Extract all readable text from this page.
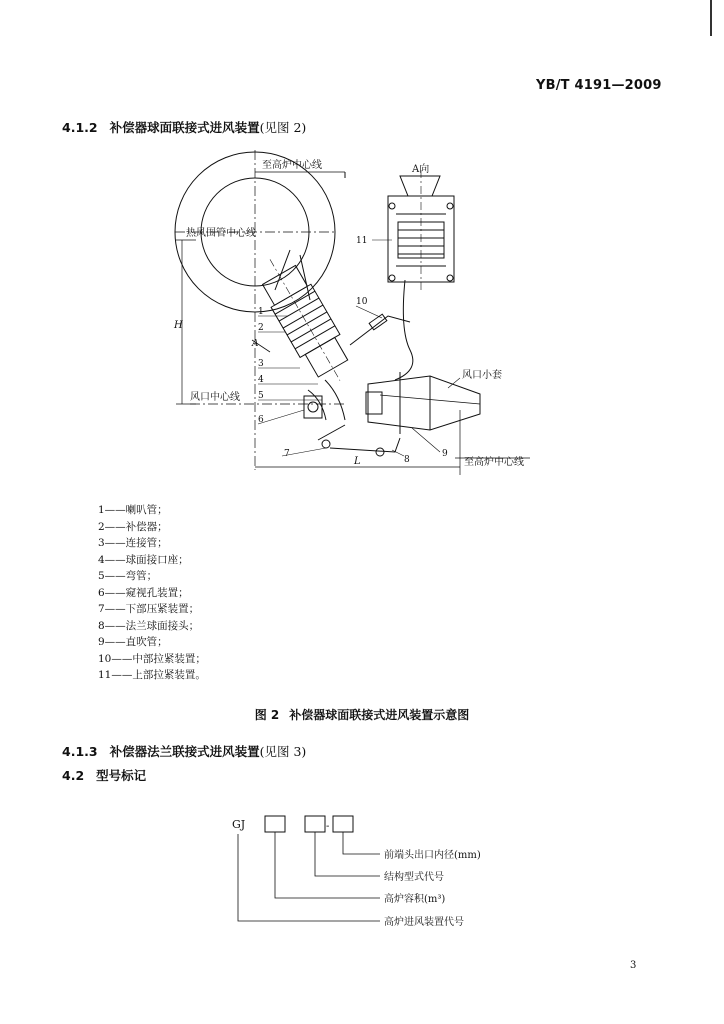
YB/T 4191—2009
4.1.2 补偿器球面联接式进风装置(见图 2)
至高炉中心线
热风围管中心线
A向
风口中心线
风口小套
至高炉中心线
H
L
A
1
2
3
4
5
6
7
8
9
10
11
1——喇叭管；
2——补偿器；
3——连接管；
4——球面接口座；
5——弯管；
6——窥视孔装置；
7——下部压紧装置；
8——法兰球面接头；
9——直吹管；
10——中部拉紧装置；
11——上部拉紧装置。
图 2 补偿器球面联接式进风装置示意图
4.1.3 补偿器法兰联接式进风装置(见图 3)
4.2 型号标记
GJ	-
前端头出口内径(mm)
结构型式代号
高炉容积(m³)
高炉进风装置代号
3
